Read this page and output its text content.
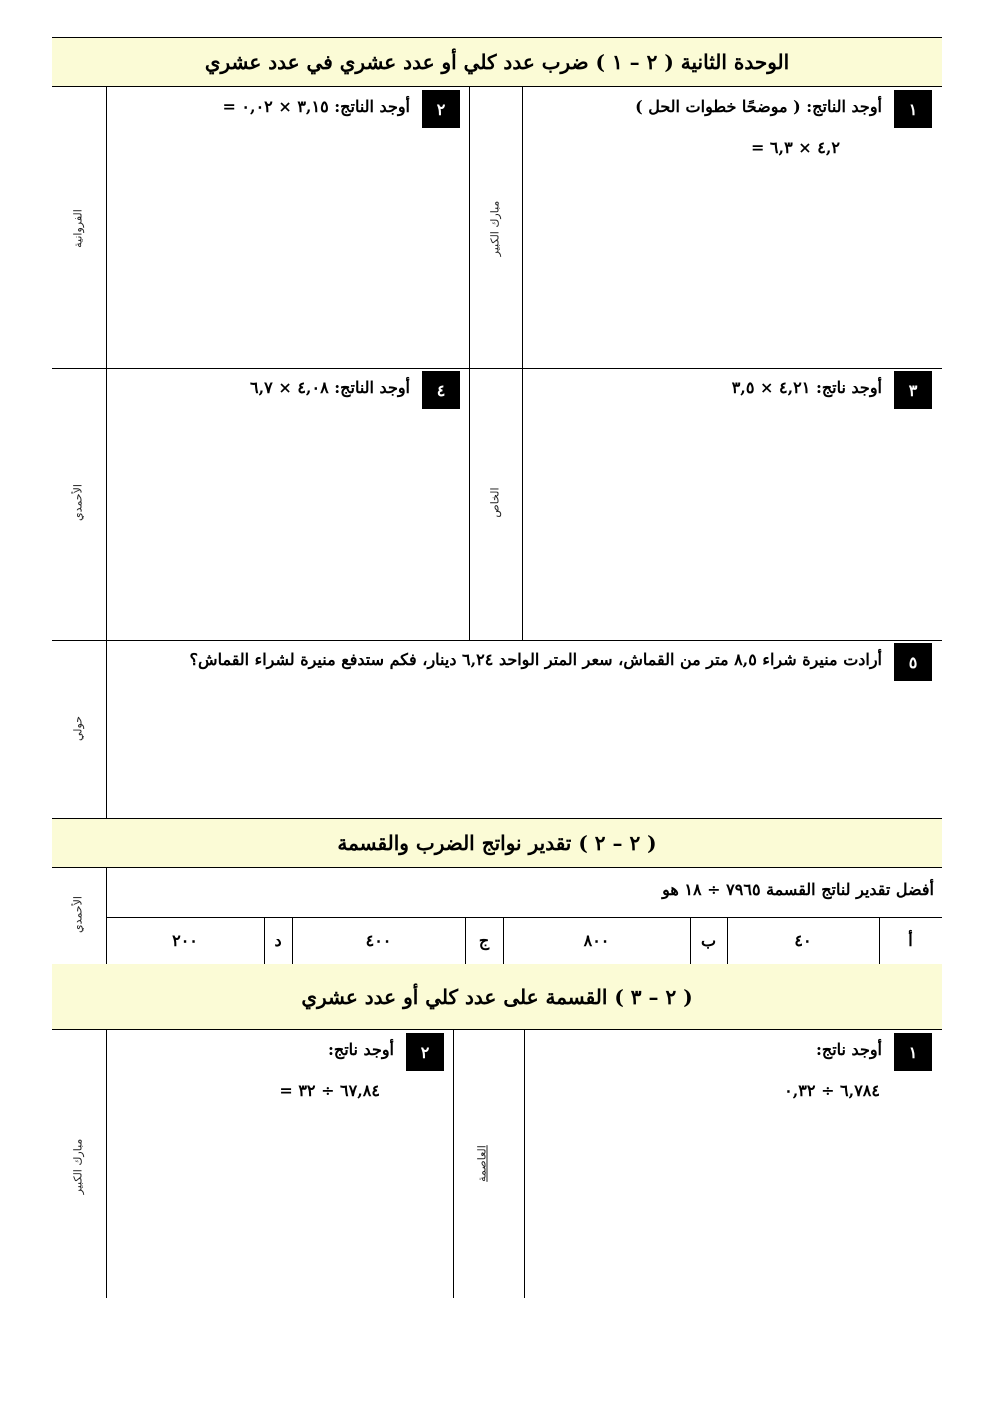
الوحدة الثانية ( ٢ – ١ ) ضرب عدد كلي أو عدد عشري في عدد عشري
١
أوجد الناتج: ( موضحًا خطوات الحل )
٤,٢ × ٦,٣ =
مبارك الكبير
٢
أوجد الناتج: ٣,١٥ × ٠,٠٢ =
الفروانية
٣
أوجد ناتج: ٤,٢١ × ٣,٥
الخاص
٤
أوجد الناتج: ٤,٠٨ × ٦,٧
الأحمدي
٥
أرادت منيرة شراء ٨,٥ متر من القماش، سعر المتر الواحد ٦,٢٤ دينار، فكم ستدفع منيرة لشراء القماش؟
حولي
( ٢ – ٢ ) تقدير نواتج الضرب والقسمة
أفضل تقدير لناتج القسمة ٧٩٦٥ ÷ ١٨ هو
الأحمدي
أ
٤٠
ب
٨٠٠
ج
٤٠٠
د
٢٠٠
( ٢ – ٣ ) القسمة على عدد كلي أو عدد عشري
١
أوجد ناتج:
٦,٧٨٤ ÷ ٠,٣٢
العاصمة
٢
أوجد ناتج:
٦٧,٨٤ ÷ ٣٢ =
مبارك الكبير
